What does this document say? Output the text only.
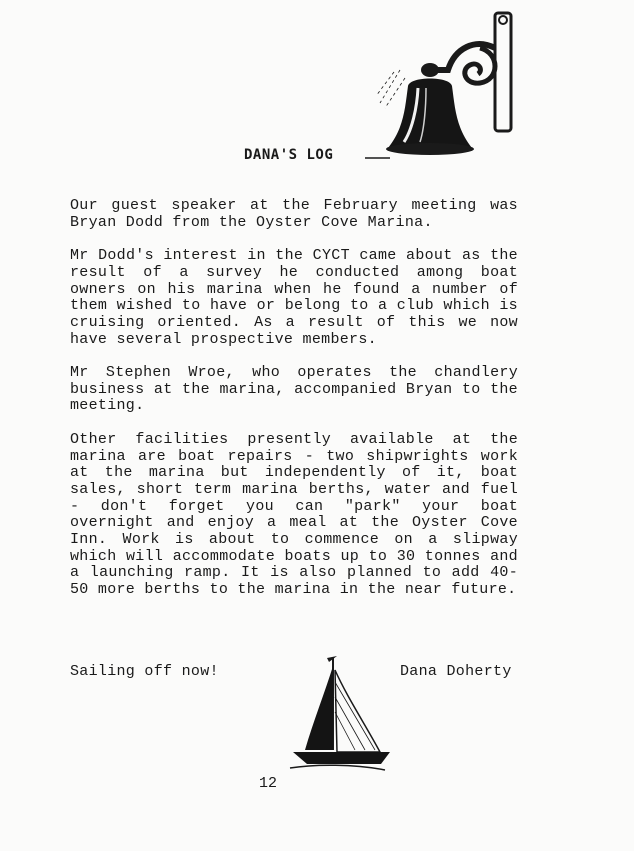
DANA'S LOG

Our guest speaker at the February meeting was Bryan Dodd from the Oyster Cove Marina.

Mr Dodd's interest in the CYCT came about as the result of a survey he conducted among boat owners on his marina when he found a number of them wished to have or belong to a club which is cruising oriented. As a result of this we now have several prospective members.

Mr Stephen Wroe, who operates the chandlery business at the marina, accompanied Bryan to the meeting.

Other facilities presently available at the marina are boat repairs - two shipwrights work at the marina but independently of it, boat sales, short term marina berths, water and fuel - don't forget you can "park" your boat overnight and enjoy a meal at the Oyster Cove Inn. Work is about to commence on a slipway which will accommodate boats up to 30 tonnes and a launching ramp. It is also planned to add 40-50 more berths to the marina in the near future.

Sailing off now!	Dana Doherty
12
